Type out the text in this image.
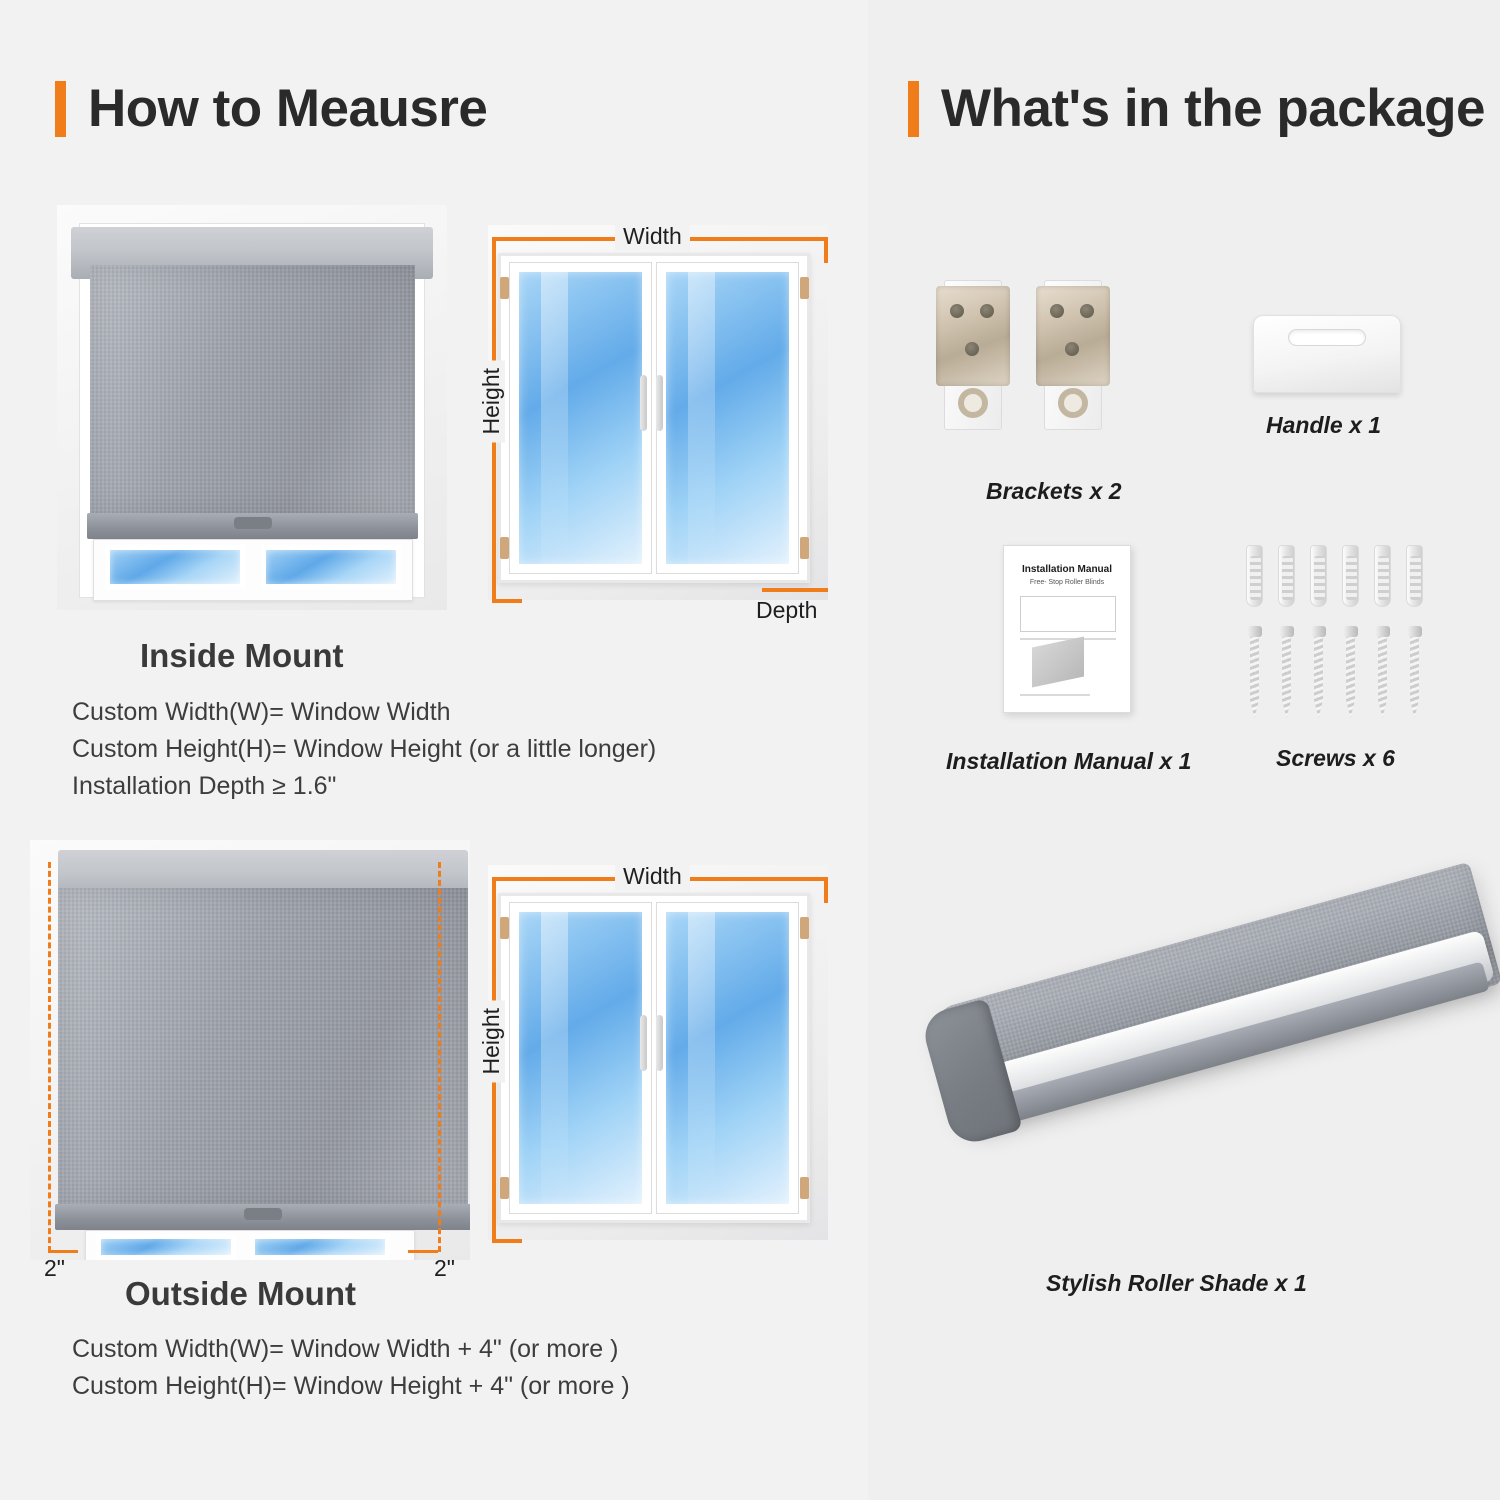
How to Meausre
Width
Height
Depth
Inside Mount
Custom Width(W)= Window Width
Custom Height(H)= Window Height (or a little longer)
Installation Depth ≥ 1.6"
2"	2"
Width
Height
Outside Mount
Custom Width(W)= Window Width + 4" (or more )
Custom Height(H)= Window Height + 4" (or more )
What's in the package
Brackets x 2
Handle x 1
Installation Manual
Free- Stop Roller Blinds
Installation Manual x 1	Screws x 6
Stylish Roller Shade x 1
